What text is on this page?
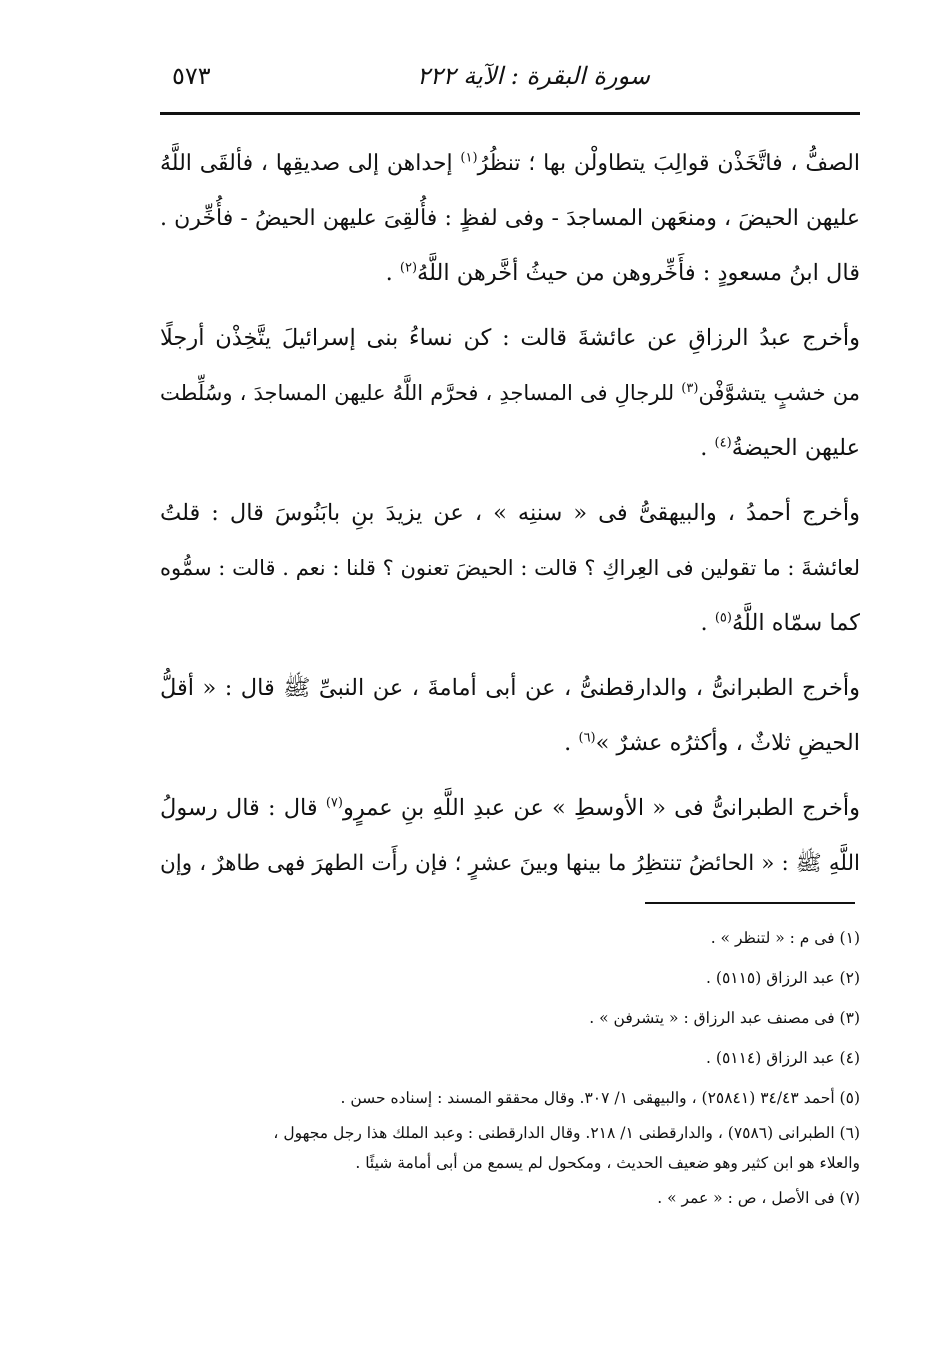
سورة البقرة : الآية ٢٢٢
٥٧٣

الصفُّ ، فاتَّخَذْن قوالِبَ يتطاولْن بها ؛ تنظُرُ$^{(١)}$ إحداهن إلى صديقِها ، فألقَى اللَّهُ
عليهن الحيضَ ، ومنعَهن المساجدَ - وفى لفظٍ : فأُلقِىَ عليهن الحيضُ - فأُخِّرن .
قال ابنُ مسعودٍ : فأَخِّروهن من حيثُ أخَّرهن اللَّهُ$^{(٢)}$ .

وأخرج عبدُ الرزاقِ عن عائشةَ قالت : كن نساءُ بنى إسرائيلَ يتَّخِذْن أرجلًا
من خشبٍ يتشوَّفْن$^{(٣)}$ للرجالِ فى المساجدِ ، فحرَّم اللَّهُ عليهن المساجدَ ، وسُلِّطت
عليهن الحيضةُ$^{(٤)}$ .

وأخرج أحمدُ ، والبيهقىُّ فى « سننِه » ، عن يزيدَ بنِ بابَنُوسَ قال : قلتُ
لعائشةَ : ما تقولين فى العِراكِ ؟ قالت : الحيضَ تعنون ؟ قلنا : نعم . قالت : سمُّوه
كما سمّاه اللَّهُ$^{(٥)}$ .

وأخرج الطبرانىُّ ، والدارقطنىُّ ، عن أبى أمامةَ ، عن النبىِّ ﷺ قال : « أقلُّ
الحيضِ ثلاثٌ ، وأكثرُه عشرٌ »$^{(٦)}$ .

وأخرج الطبرانىُّ فى « الأوسطِ » عن عبدِ اللَّهِ بنِ عمرٍو$^{(٧)}$ قال : قال رسولُ
اللَّهِ ﷺ : « الحائضُ تنتظِرُ ما بينها وبينَ عشرٍ ؛ فإن رأَت الطهرَ فهى طاهرٌ ، وإن

(١) فى م : « لتنظر » .

(٢) عبد الرزاق (٥١١٥) .

(٣) فى مصنف عبد الرزاق : « يتشرفن » .

(٤) عبد الرزاق (٥١١٤) .

(٥) أحمد ٣٤/٤٣ (٢٥٨٤١) ، والبيهقى ١/ ٣٠٧. وقال محققو المسند : إسناده حسن .

(٦) الطبرانى (٧٥٨٦) ، والدارقطنى ١/ ٢١٨. وقال الدارقطنى : وعبد الملك هذا رجل مجهول ،
والعلاء هو ابن كثير وهو ضعيف الحديث ، ومكحول لم يسمع من أبى أمامة شيئًا .

(٧) فى الأصل ، ص : « عمر » .
